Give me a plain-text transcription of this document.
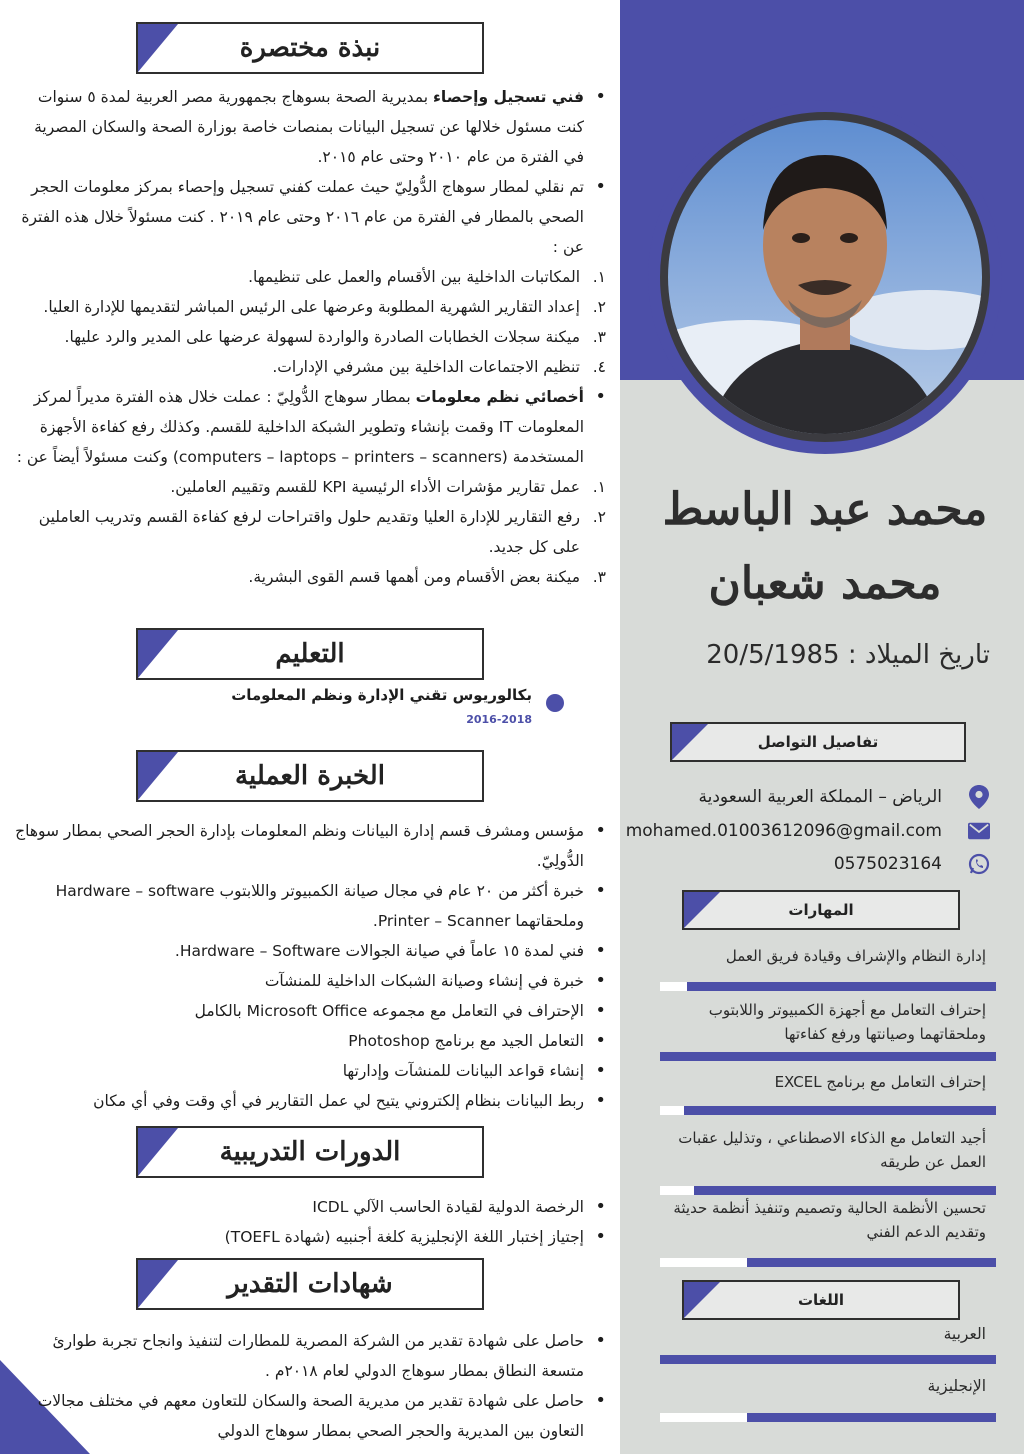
نبذة مختصرة

• فني تسجيل وإحصاء بمديرية الصحة بسوهاج بجمهورية مصر العربية لمدة ٥ سنوات كنت مسئول خلالها عن تسجيل البيانات بمنصات خاصة بوزارة الصحة والسكان المصرية في الفترة من عام ٢٠١٠ وحتى عام ٢٠١٥.

• تم نقلي لمطار سوهاج الدُّولِيّ حيث عملت كفني تسجيل وإحصاء بمركز معلومات الحجر الصحي بالمطار في الفترة من عام ٢٠١٦ وحتى عام ٢٠١٩ . كنت مسئولاً خلال هذه الفترة عن :

١.
المكاتبات الداخلية بين الأقسام والعمل على تنظيمها.

٢.
إعداد التقارير الشهرية المطلوبة وعرضها على الرئيس المباشر لتقديمها للإدارة العليا.

٣.
ميكنة سجلات الخطابات الصادرة والواردة لسهولة عرضها على المدير والرد عليها.

٤.
تنظيم الاجتماعات الداخلية بين مشرفي الإدارات.

• أخصائي نظم معلومات بمطار سوهاج الدُّولِيّ : عملت خلال هذه الفترة مديراً لمركز المعلومات IT وقمت بإنشاء وتطوير الشبكة الداخلية للقسم. وكذلك رفع كفاءة الأجهزة المستخدمة (computers – laptops – printers – scanners) وكنت مسئولاً أيضاً عن :

١.
عمل تقارير مؤشرات الأداء الرئيسية KPI للقسم وتقييم العاملين.

٢.
رفع التقارير للإدارة العليا وتقديم حلول واقتراحات لرفع كفاءة القسم وتدريب العاملين على كل جديد.

٣.
ميكنة بعض الأقسام ومن أهمها قسم القوى البشرية.

التعليم
بكالوريوس تقني الإدارة ونظم المعلومات
2016-2018
الخبرة العملية

• مؤسس ومشرف قسم إدارة البيانات ونظم المعلومات بإدارة الحجر الصحي بمطار سوهاج الدُّولِيّ.

• خبرة أكثر من ٢٠ عام في مجال صيانة الكمبيوتر واللابتوب Hardware – software وملحقاتهما Printer – Scanner.

• فني لمدة ١٥ عاماً في صيانة الجوالات Hardware – Software.

• خبرة في إنشاء وصيانة الشبكات الداخلية للمنشآت

• الإحتراف في التعامل مع مجموعه Microsoft Office بالكامل

• التعامل الجيد مع برنامج Photoshop

• إنشاء قواعد البيانات للمنشآت وإدارتها

• ربط البيانات بنظام إلكتروني يتيح لي عمل التقارير في أي وقت وفي أي مكان

الدورات التدريبية

• الرخصة الدولية لقيادة الحاسب الآلي ICDL

• إجتياز إختبار اللغة الإنجليزية كلغة أجنبيه (شهادة TOEFL)

شهادات التقدير

• حاصل على شهادة تقدير من الشركة المصرية للمطارات لتنفيذ وانجاح تجربة طوارئ متسعة النطاق بمطار سوهاج الدولي لعام ٢٠١٨م .

• حاصل على شهادة تقدير من مديرية الصحة والسكان للتعاون معهم في مختلف مجالات التعاون بين المديرية والحجر الصحي بمطار سوهاج الدولي

محمد عبد الباسط
محمد شعبان
تاريخ الميلاد : 20/5/1985
تفاصيل التواصل
الرياض – المملكة العربية السعودية
mohamed.01003612096@gmail.com
0575023164
المهارات
إدارة النظام والإشراف وقيادة فريق العمل
إحتراف التعامل مع أجهزة الكمبيوتر واللابتوب وملحقاتهما وصيانتها ورفع كفاءتها
إحتراف التعامل مع برنامج EXCEL
أجيد التعامل مع الذكاء الاصطناعي ، وتذليل عقبات العمل عن طريقه
تحسين الأنظمة الحالية وتصميم وتنفيذ أنظمة حديثة وتقديم الدعم الفني
اللغات
العربية
الإنجليزية
